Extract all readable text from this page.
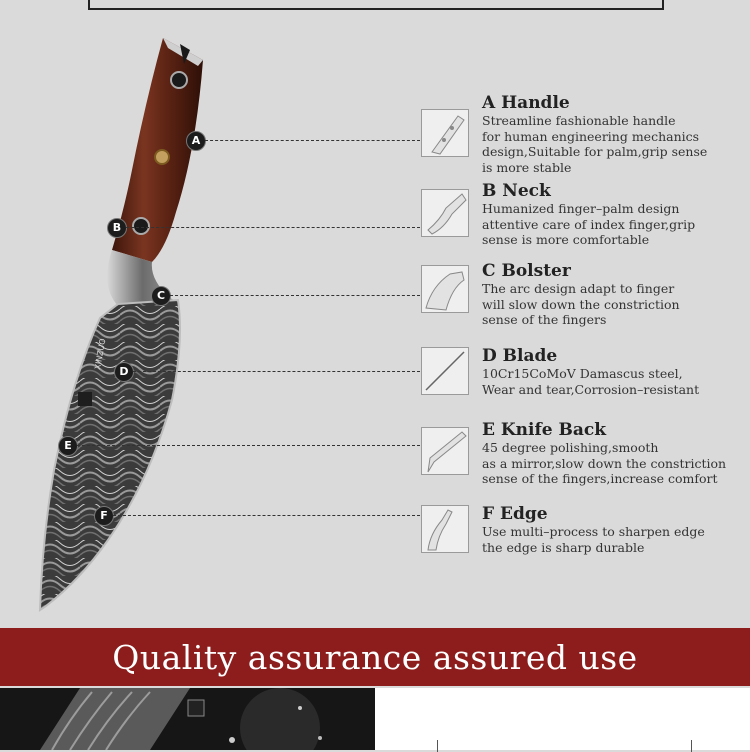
XINZUO
A
B
C
D
E
F

A Handle

Streamline fashionable handle

for human engineering mechanics

design,Suitable for palm,grip sense

is more stable

B Neck

Humanized finger–palm design

attentive care of index finger,grip

sense is more comfortable

C Bolster

The arc design adapt to finger

will slow down the constriction

sense of the fingers

D Blade

10Cr15CoMoV Damascus steel,

Wear and tear,Corrosion–resistant

E Knife Back

45 degree polishing,smooth

as a mirror,slow down the constriction

sense of the fingers,increase comfort

F Edge

Use multi–process to sharpen edge

the edge is sharp durable

Quality assurance assured use
